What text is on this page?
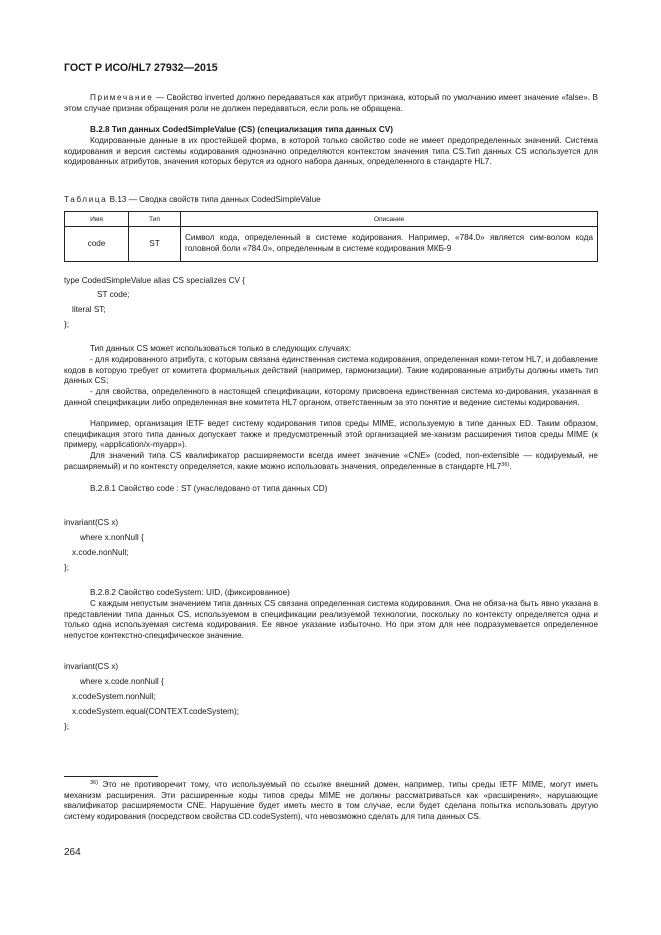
ГОСТ Р ИСО/HL7 27932—2015
Примечание — Свойство inverted должно передаваться как атрибут признака, который по умолчанию имеет значение «false». В этом случае признак обращения роли не должен передаваться, если роль не обращена.
В.2.8 Тип данных CodedSimpleValue (CS) (специализация типа данных CV)
Кодированные данные в их простейшей форма, в которой только свойство code не имеет предопределенных значений. Система кодирования и версия системы кодирования однозначно определяются контекстом значения типа CS.Тип данных CS используется для кодированных атрибутов, значения которых берутся из одного набора данных, определенного в стандарте HL7.
Таблица В.13 — Сводка свойств типа данных CodedSimpleValue
Имя	Тип	Описание
code	ST	Символ кода, определенный в системе кодирования. Например, «784.0» является сим-волом кода головной боли «784.0», определенным в системе кодирования МКБ-9
type CodedSimpleValue alias CS specializes CV {
ST code;
literal ST;
};
Тип данных CS может использоваться только в следующих случаях:
- для кодированного атрибута, с которым связана единственная система кодирования, определенная коми-тетом HL7, и добавление кодов в которую требует от комитета формальных действий (например, гармонизации). Такие кодированные атрибуты должны иметь тип данных CS;
- для свойства, определенного в настоящей спецификации, которому присвоена единственная система ко-дирования, указанная в данной спецификации либо определенная вне комитета HL7 органом, ответственным за это понятие и ведение системы кодирования.
Например, организация IETF ведет систему кодирования типов среды MIME, используемую в типе данных ED. Таким образом, спецификация этого типа данных допускает также и предусмотренный этой организацией ме-ханизм расширения типов среды MIME (к примеру, «application/x-myapp»).
Для значений типа CS квалификатор расширяемости всегда имеет значение «CNE» (coded, non-extensible — кодируемый, не расширяемый) и по контексту определяется, какие можно использовать значения, определенные в стандарте HL7$^{36)}$.
В.2.8.1 Свойство code : ST (унаследовано от типа данных CD)
invariant(CS x)
where x.nonNull {
x.code.nonNull;
};
В.2.8.2 Свойство codeSystem: UID, (фиксированное)
С каждым непустым значением типа данных CS связана определенная система кодирования. Она не обяза-на быть явно указана в представлении типа данных CS, используемом в спецификации реализуемой технологии, поскольку по контексту определяется одна и только одна используемая система кодирования. Ее явное указание избыточно. Но при этом для нее подразумевается определенное непустое контекстно-специфическое значение.
invariant(CS x)
where x.code.nonNull {
x.codeSystem.nonNull;
x.codeSystem.equal(CONTEXT.codeSystem);
};
$^{36)}$ Это не противоречит тому, что используемый по ссылке внешний домен, например, типы среды IETF MIME, могут иметь механизм расширения. Эти расширенные коды типов среды MIME не должны рассматриваться как «расширения», нарушающие квалификатор расширяемости CNE. Нарушение будет иметь место в том случае, если будет сделана попытка использовать другую систему кодирования (посредством свойства CD.codeSystem), что невозможно сделать для типа данных CS.
264
